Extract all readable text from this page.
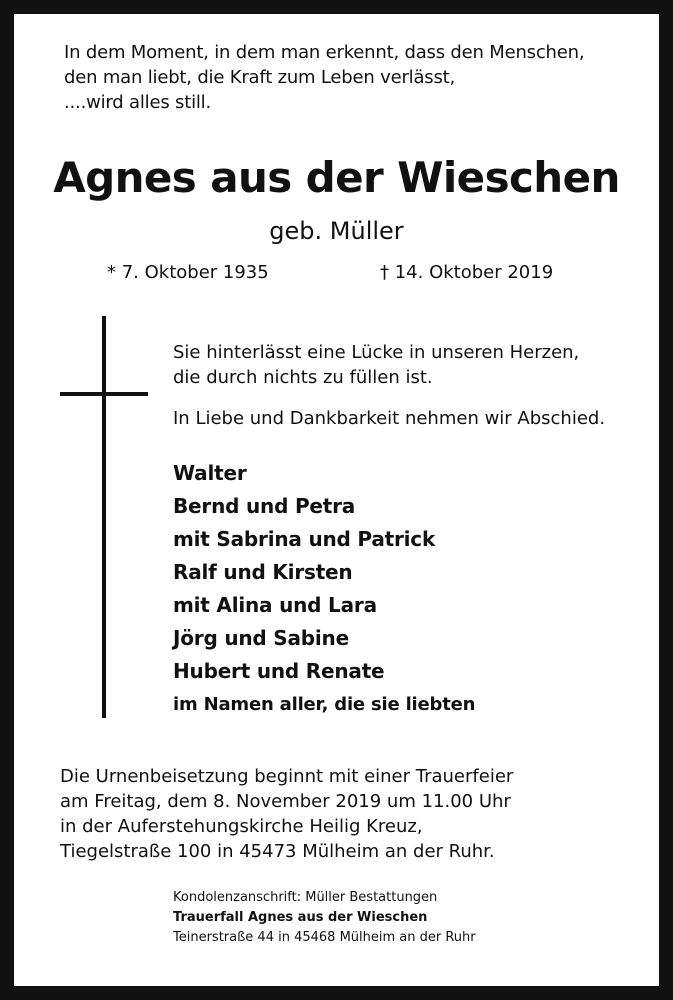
In dem Moment, in dem man erkennt, dass den Menschen,
den man liebt, die Kraft zum Leben verlässt,
....wird alles still.
Agnes aus der Wieschen
geb. Müller
* 7. Oktober 1935	† 14. Oktober 2019
Sie hinterlässt eine Lücke in unseren Herzen,
die durch nichts zu füllen ist.
In Liebe und Dankbarkeit nehmen wir Abschied.
Walter
Bernd und Petra
mit Sabrina und Patrick
Ralf und Kirsten
mit Alina und Lara
Jörg und Sabine
Hubert und Renate
im Namen aller, die sie liebten
Die Urnenbeisetzung beginnt mit einer Trauerfeier
am Freitag, dem 8. November 2019 um 11.00 Uhr
in der Auferstehungskirche Heilig Kreuz,
Tiegelstraße 100 in 45473 Mülheim an der Ruhr.
Kondolenzanschrift: Müller Bestattungen
Trauerfall Agnes aus der Wieschen
Teinerstraße 44 in 45468 Mülheim an der Ruhr
